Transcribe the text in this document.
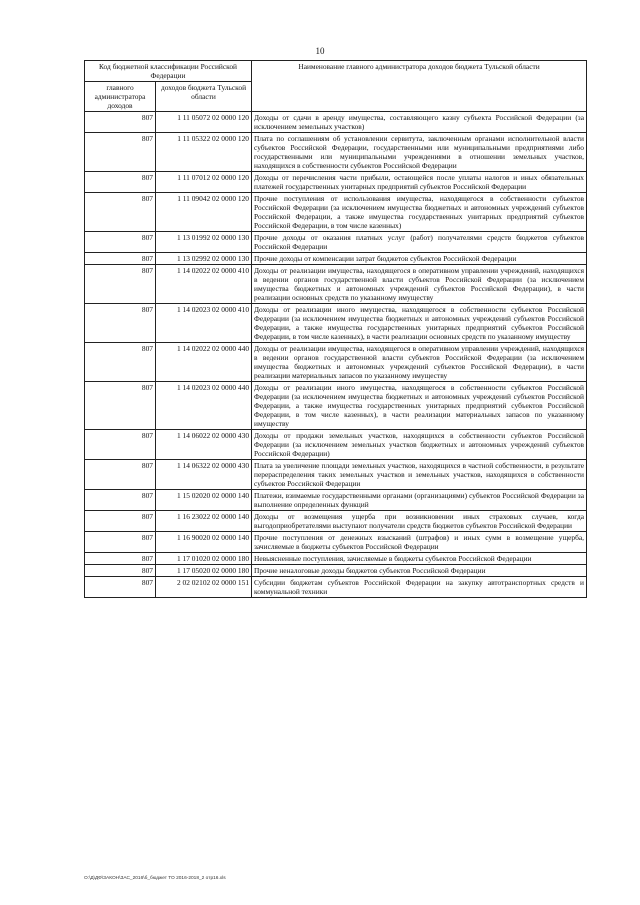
10
Код бюджетной классификации Российской Федерации		Наименование главного администратора доходов бюджета Тульской области
главного администратора доходов	доходов бюджета Тульской области	
807	1 11 05072 02 0000 120	Доходы от сдачи в аренду имущества, составляющего казну субъекта Российской Федерации (за исключением земельных участков)
807	1 11 05322 02 0000 120	Плата по соглашениям об установлении сервитута, заключенным органами исполнительной власти субъектов Российской Федерации, государственными или муниципальными предприятиями либо государственными или муниципальными учреждениями в отношении земельных участков, находящихся в собственности субъектов Российской Федерации
807	1 11 07012 02 0000 120	Доходы от перечисления части прибыли, остающейся после уплаты налогов и иных обязательных платежей государственных унитарных предприятий субъектов Российской Федерации
807	1 11 09042 02 0000 120	Прочие поступления от использования имущества, находящегося в собственности субъектов Российской Федерации (за исключением имущества бюджетных и автономных учреждений субъектов Российской Федерации, а также имущества государственных унитарных предприятий субъектов Российской Федерации, в том числе казенных)
807	1 13 01992 02 0000 130	Прочие доходы от оказания платных услуг (работ) получателями средств бюджетов субъектов Российской Федерации
807	1 13 02992 02 0000 130	Прочие доходы от компенсации затрат бюджетов субъектов Российской Федерации
807	1 14 02022 02 0000 410	Доходы от реализации имущества, находящегося в оперативном управлении учреждений, находящихся в ведении органов государственной власти субъектов Российской Федерации (за исключением имущества бюджетных и автономных учреждений субъектов Российской Федерации), в части реализации основных средств по указанному имуществу
807	1 14 02023 02 0000 410	Доходы от реализации иного имущества, находящегося в собственности субъектов Российской Федерации (за исключением имущества бюджетных и автономных учреждений субъектов Российской Федерации, а также имущества государственных унитарных предприятий субъектов Российской Федерации, в том числе казенных), в части реализации основных средств по указанному имуществу
807	1 14 02022 02 0000 440	Доходы от реализации имущества, находящегося в оперативном управлении учреждений, находящихся в ведении органов государственной власти субъектов Российской Федерации (за исключением имущества бюджетных и автономных учреждений субъектов Российской Федерации), в части реализации материальных запасов по указанному имуществу
807	1 14 02023 02 0000 440	Доходы от реализации иного имущества, находящегося в собственности субъектов Российской Федерации (за исключением имущества бюджетных и автономных учреждений субъектов Российской Федерации, а также имущества государственных унитарных предприятий субъектов Российской Федерации, в том числе казенных), в части реализации материальных запасов по указанному имуществу
807	1 14 06022 02 0000 430	Доходы от продажи земельных участков, находящихся в собственности субъектов Российской Федерации (за исключением земельных участков бюджетных и автономных учреждений субъектов Российской Федерации)
807	1 14 06322 02 0000 430	Плата за увеличение площади земельных участков, находящихся в частной собственности, в результате перераспределения таких земельных участков и земельных участков, находящихся в собственности субъектов Российской Федерации
807	1 15 02020 02 0000 140	Платежи, взимаемые государственными органами (организациями) субъектов Российской Федерации за выполнение определенных функций
807	1 16 23022 02 0000 140	Доходы от возмещения ущерба при возникновении иных страховых случаев, когда выгодоприобретателями выступают получатели средств бюджетов субъектов Российской Федерации
807	1 16 90020 02 0000 140	Прочие поступления от денежных взысканий (штрафов) и иных сумм в возмещение ущерба, зачисляемые в бюджеты субъектов Российской Федерации
807	1 17 01020 02 0000 180	Невыясненные поступления, зачисляемые в бюджеты субъектов Российской Федерации
807	1 17 05020 02 0000 180	Прочие неналоговые доходы бюджетов субъектов Российской Федерации
807	2 02 02102 02 0000 151	Субсидии бюджетам субъектов Российской Федерации на закупку автотранспортных средств и коммунальной техники
О:\Д\ДФ\ЗАКОН\ЗАС_2016\б_бюджет ТО 2016-2018_2 отр16.xls
